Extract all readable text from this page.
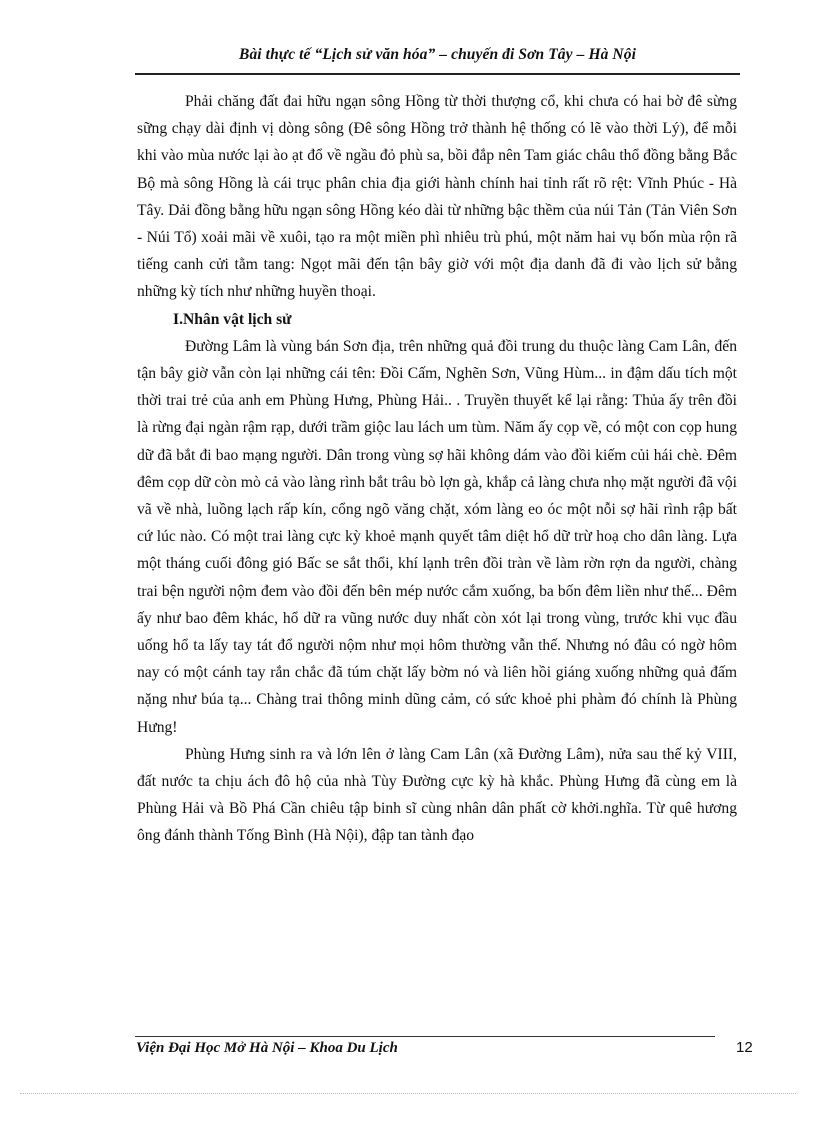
Bài thực tế “Lịch sử văn hóa” – chuyến đi Sơn Tây – Hà Nội

Phải chăng đất đai hữu ngạn sông Hồng từ thời thượng cổ, khi chưa có hai bờ đê sừng sững chạy dài định vị dòng sông (Đê sông Hồng trở thành hệ thống có lẽ vào thời Lý), để mỗi khi vào mùa nước lại ào ạt đổ về ngầu đỏ phù sa, bồi đắp nên Tam giác châu thổ đồng bằng Bắc Bộ mà sông Hồng là cái trục phân chia địa giới hành chính hai tỉnh rất rõ rệt: Vĩnh Phúc - Hà Tây. Dải đồng bằng hữu ngạn sông Hồng kéo dài từ những bậc thềm của núi Tản (Tản Viên Sơn - Núi Tổ) xoải mãi về xuôi, tạo ra một miền phì nhiêu trù phú, một năm hai vụ bốn mùa rộn rã tiếng canh cửi tằm tang: Ngọt mãi đến tận bây giờ với một địa danh đã đi vào lịch sử bằng những kỳ tích như những huyền thoại.

I.Nhân vật lịch sử

Đường Lâm là vùng bán Sơn địa, trên những quả đồi trung du thuộc làng Cam Lân, đến tận bây giờ vẫn còn lại những cái tên: Đồi Cấm, Nghẽn Sơn, Vũng Hùm... in đậm dấu tích một thời trai trẻ của anh em Phùng Hưng, Phùng Hải.. . Truyền thuyết kể lại rằng: Thủa ấy trên đồi là rừng đại ngàn rậm rạp, dưới trầm giộc lau lách um tùm. Năm ấy cọp về, có một con cọp hung dữ đã bắt đi bao mạng người. Dân trong vùng sợ hãi không dám vào đồi kiếm củi hái chè. Đêm đêm cọp dữ còn mò cả vào làng rình bắt trâu bò lợn gà, khắp cả làng chưa nhọ mặt người đã vội vã về nhà, luồng lạch rấp kín, cổng ngõ văng chặt, xóm làng eo óc một nỗi sợ hãi rình rập bất cứ lúc nào. Có một trai làng cực kỳ khoẻ mạnh quyết tâm diệt hổ dữ trừ hoạ cho dân làng. Lựa một tháng cuối đông gió Bấc se sắt thổi, khí lạnh trên đồi tràn về làm rờn rợn da người, chàng trai bện người nộm đem vào đồi đến bên mép nước cắm xuống, ba bốn đêm liền như thế... Đêm ấy như bao đêm khác, hổ dữ ra vũng nước duy nhất còn xót lại trong vùng, trước khi vục đầu uống hổ ta lấy tay tát đổ người nộm như mọi hôm thường vẫn thế. Nhưng nó đâu có ngờ hôm nay có một cánh tay rắn chắc đã túm chặt lấy bờm nó và liên hồi giáng xuống những quả đấm nặng như búa tạ... Chàng trai thông minh dũng cảm, có sức khoẻ phi phàm đó chính là Phùng Hưng!

Phùng Hưng sinh ra và lớn lên ở làng Cam Lân (xã Đường Lâm), nửa sau thế kỷ VIII, đất nước ta chịu ách đô hộ của nhà Tùy Đường cực kỳ hà khắc. Phùng Hưng đã cùng em là Phùng Hải và Bồ Phá Cần chiêu tập binh sĩ cùng nhân dân phất cờ khởi.nghĩa. Từ quê hương ông đánh thành Tống Bình (Hà Nội), đập tan tành đạo

Viện Đại Học Mở Hà Nội – Khoa Du Lịch	12
